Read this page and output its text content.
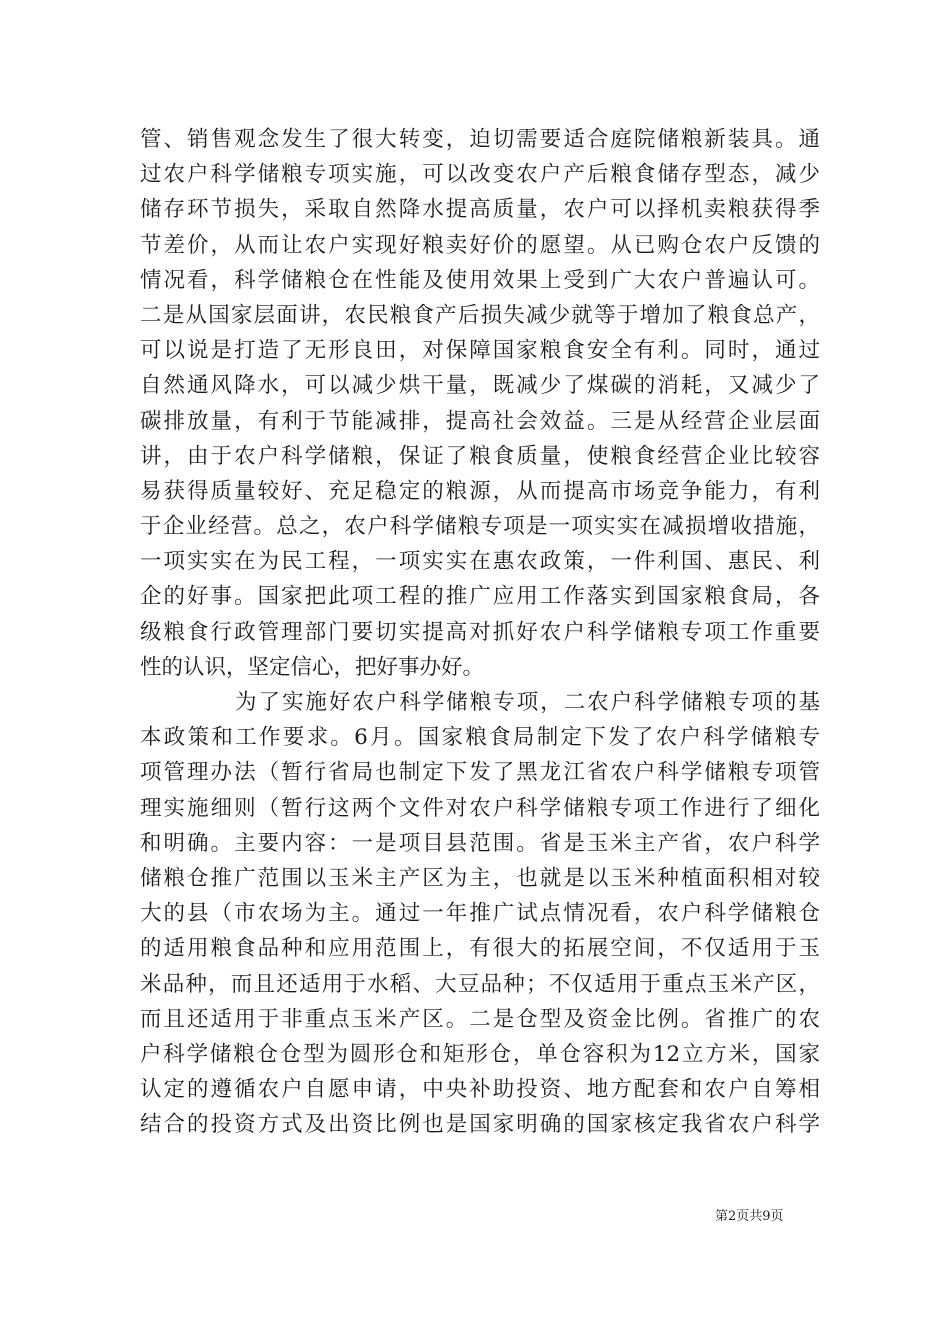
管、销售观念发生了很大转变，迫切需要适合庭院储粮新装具。通
过农户科学储粮专项实施，可以改变农户产后粮食储存型态，减少
储存环节损失，采取自然降水提高质量，农户可以择机卖粮获得季
节差价，从而让农户实现好粮卖好价的愿望。从已购仓农户反馈的
情况看，科学储粮仓在性能及使用效果上受到广大农户普遍认可。
二是从国家层面讲，农民粮食产后损失减少就等于增加了粮食总产，
可以说是打造了无形良田，对保障国家粮食安全有利。同时，通过
自然通风降水，可以减少烘干量，既减少了煤碳的消耗，又减少了
碳排放量，有利于节能减排，提高社会效益。三是从经营企业层面
讲，由于农户科学储粮，保证了粮食质量，使粮食经营企业比较容
易获得质量较好、充足稳定的粮源，从而提高市场竞争能力，有利
于企业经营。总之，农户科学储粮专项是一项实实在减损增收措施，
一项实实在为民工程，一项实实在惠农政策，一件利国、惠民、利
企的好事。国家把此项工程的推广应用工作落实到国家粮食局，各
级粮食行政管理部门要切实提高对抓好农户科学储粮专项工作重要
性的认识，坚定信心，把好事办好。
为了实施好农户科学储粮专项，二农户科学储粮专项的基
本政策和工作要求。6月。国家粮食局制定下发了农户科学储粮专
项管理办法（暂行省局也制定下发了黑龙江省农户科学储粮专项管
理实施细则（暂行这两个文件对农户科学储粮专项工作进行了细化
和明确。主要内容：一是项目县范围。省是玉米主产省，农户科学
储粮仓推广范围以玉米主产区为主，也就是以玉米种植面积相对较
大的县（市农场为主。通过一年推广试点情况看，农户科学储粮仓
的适用粮食品种和应用范围上，有很大的拓展空间，不仅适用于玉
米品种，而且还适用于水稻、大豆品种；不仅适用于重点玉米产区，
而且还适用于非重点玉米产区。二是仓型及资金比例。省推广的农
户科学储粮仓仓型为圆形仓和矩形仓，单仓容积为12立方米，国家
认定的遵循农户自愿申请，中央补助投资、地方配套和农户自筹相
结合的投资方式及出资比例也是国家明确的国家核定我省农户科学
第2页共9页
